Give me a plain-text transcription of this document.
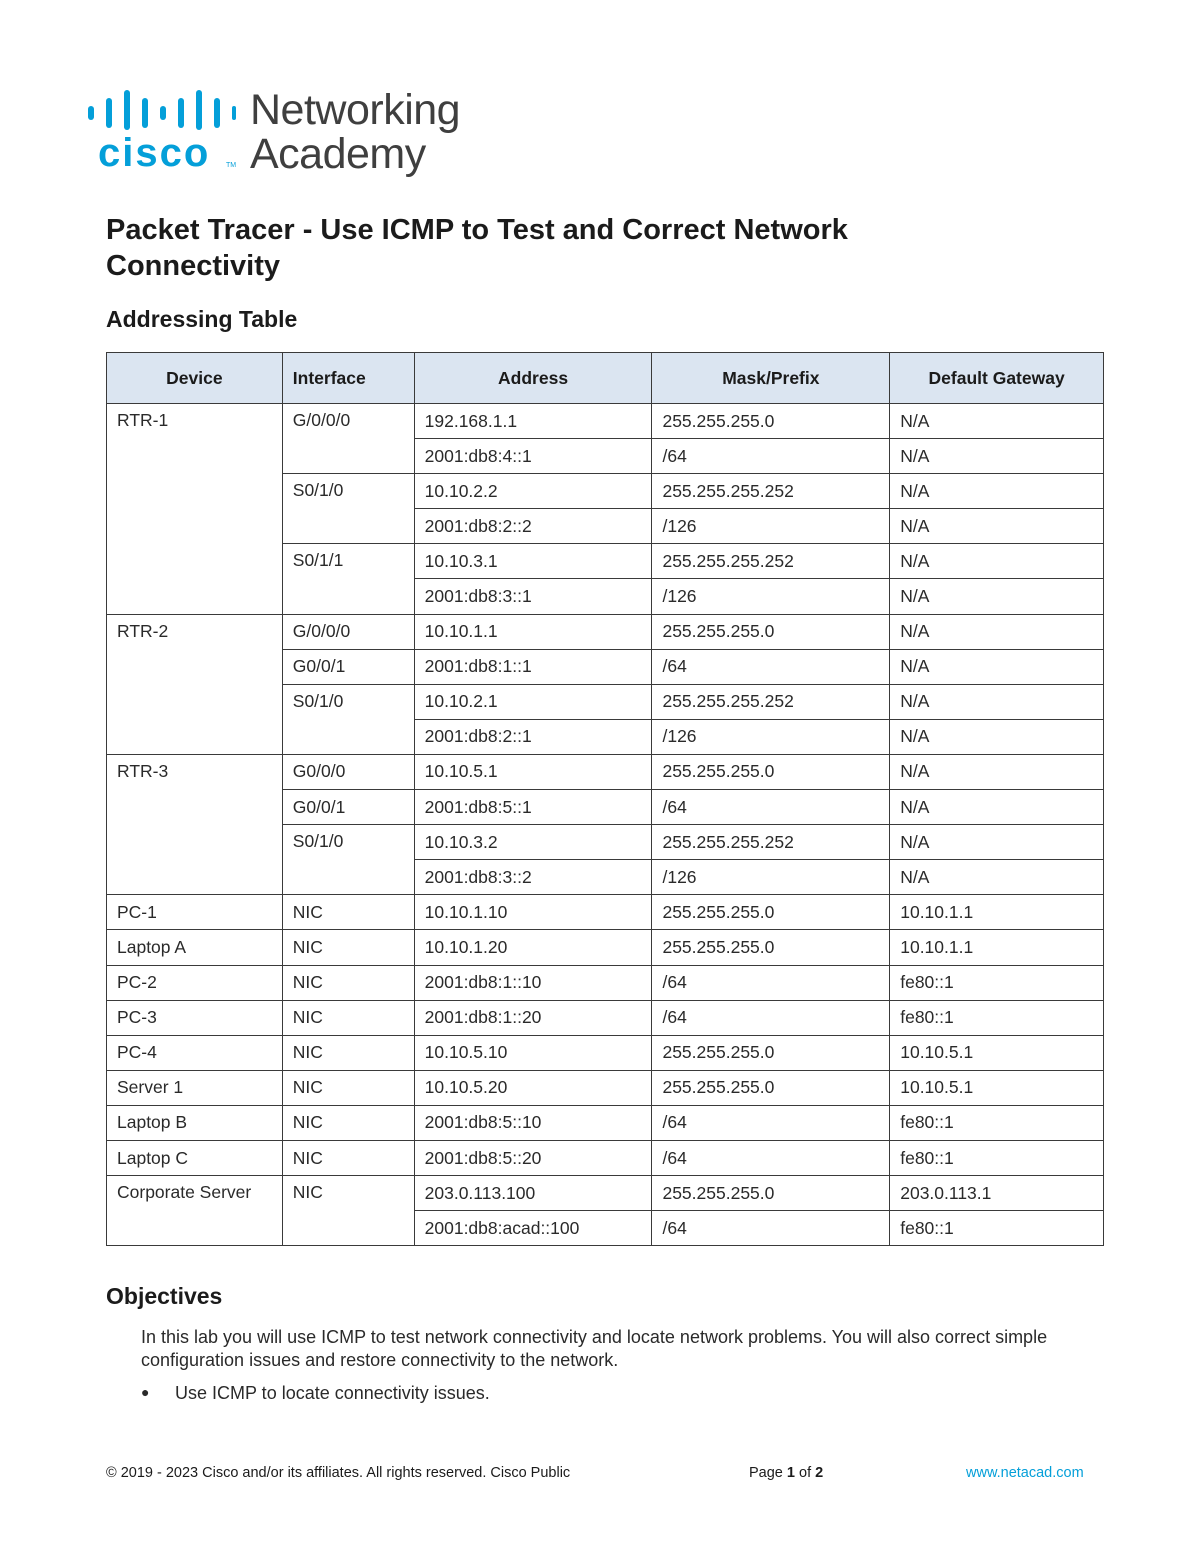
cisco TM
Networking
Academy
Packet Tracer - Use ICMP to Test and Correct Network Connectivity
Addressing Table
Device	Interface	Address	Mask/Prefix	Default Gateway
RTR-1	G/0/0/0	192.168.1.1	255.255.255.0	N/A
		2001:db8:4::1	/64	N/A
	S0/1/0	10.10.2.2	255.255.255.252	N/A
		2001:db8:2::2	/126	N/A
	S0/1/1	10.10.3.1	255.255.255.252	N/A
		2001:db8:3::1	/126	N/A
RTR-2	G/0/0/0	10.10.1.1	255.255.255.0	N/A
	G0/0/1	2001:db8:1::1	/64	N/A
	S0/1/0	10.10.2.1	255.255.255.252	N/A
		2001:db8:2::1	/126	N/A
RTR-3	G0/0/0	10.10.5.1	255.255.255.0	N/A
	G0/0/1	2001:db8:5::1	/64	N/A
	S0/1/0	10.10.3.2	255.255.255.252	N/A
		2001:db8:3::2	/126	N/A
PC-1	NIC	10.10.1.10	255.255.255.0	10.10.1.1
Laptop A	NIC	10.10.1.20	255.255.255.0	10.10.1.1
PC-2	NIC	2001:db8:1::10	/64	fe80::1
PC-3	NIC	2001:db8:1::20	/64	fe80::1
PC-4	NIC	10.10.5.10	255.255.255.0	10.10.5.1
Server 1	NIC	10.10.5.20	255.255.255.0	10.10.5.1
Laptop B	NIC	2001:db8:5::10	/64	fe80::1
Laptop C	NIC	2001:db8:5::20	/64	fe80::1
Corporate Server	NIC	203.0.113.100	255.255.255.0	203.0.113.1
		2001:db8:acad::100	/64	fe80::1
Objectives
In this lab you will use ICMP to test network connectivity and locate network problems. You will also correct simple configuration issues and restore connectivity to the network.
● Use ICMP to locate connectivity issues.
© 2019 - 2023 Cisco and/or its affiliates. All rights reserved. Cisco Public	Page 1 of 2	www.netacad.com
